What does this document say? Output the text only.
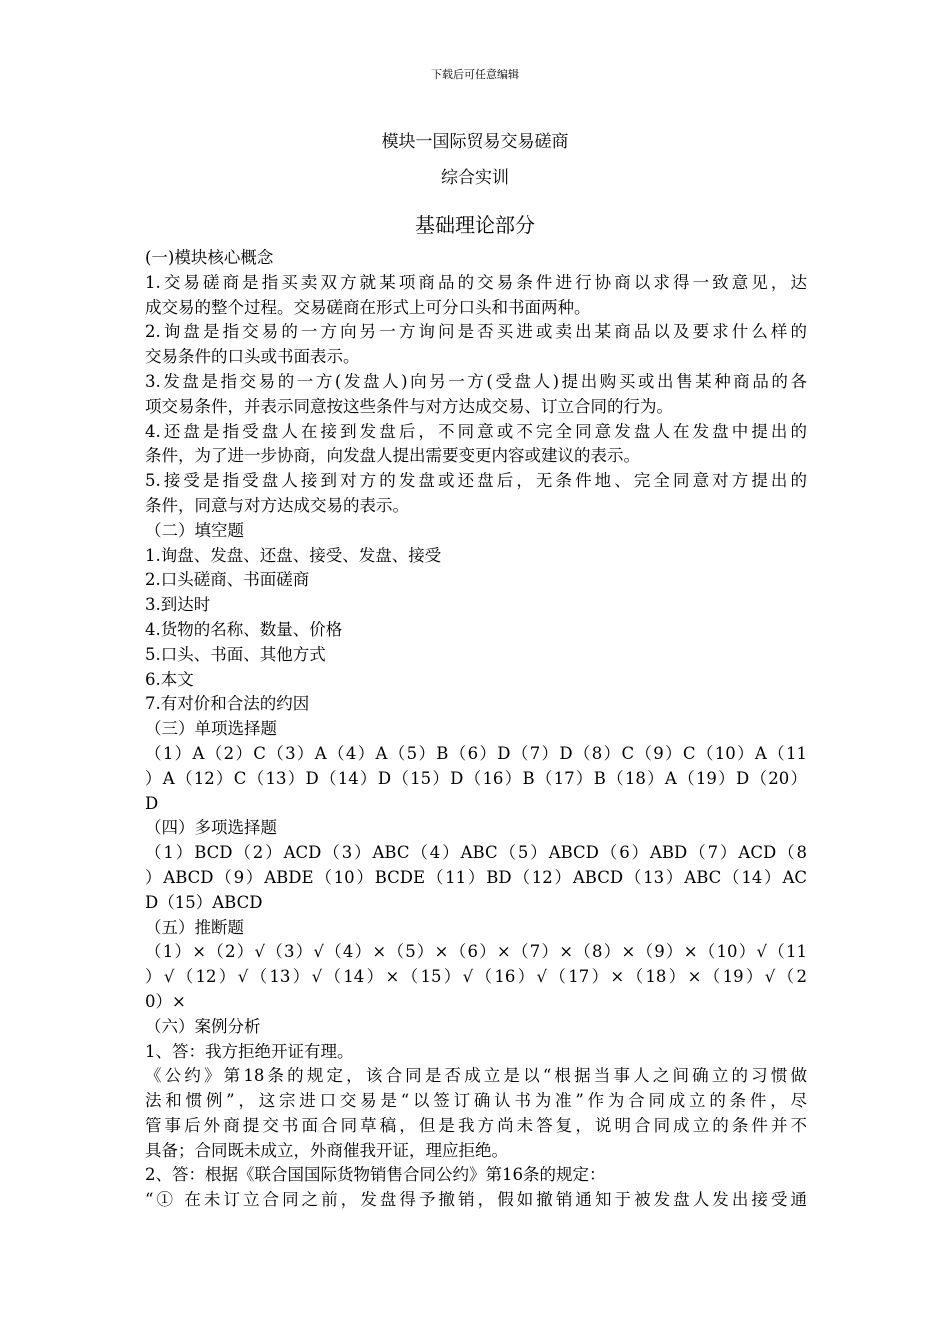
下载后可任意编辑
模块一国际贸易交易磋商
综合实训
基础理论部分
(一)模块核心概念
1.交易磋商是指买卖双方就某项商品的交易条件进行协商以求得一致意见，达
成交易的整个过程。交易磋商在形式上可分口头和书面两种。
2.询盘是指交易的一方向另一方询问是否买进或卖出某商品以及要求什么样的
交易条件的口头或书面表示。
3.发盘是指交易的一方(发盘人)向另一方(受盘人)提出购买或出售某种商品的各
项交易条件，并表示同意按这些条件与对方达成交易、订立合同的行为。
4.还盘是指受盘人在接到发盘后，不同意或不完全同意发盘人在发盘中提出的
条件，为了进一步协商，向发盘人提出需要变更内容或建议的表示。
5.接受是指受盘人接到对方的发盘或还盘后，无条件地、完全同意对方提出的
条件，同意与对方达成交易的表示。
（二）填空题
1.询盘、发盘、还盘、接受、发盘、接受
2.口头磋商、书面磋商
3.到达时
4.货物的名称、数量、价格
5.口头、书面、其他方式
6.本文
7.有对价和合法的约因
（三）单项选择题
（1）A（2）C（3）A（4）A（5）B（6）D（7）D（8）C（9）C（10）A（11
）A（12）C（13）D（14）D（15）D（16）B（17）B（18）A（19）D（20）
D
（四）多项选择题
（1）BCD（2）ACD（3）ABC（4）ABC（5）ABCD（6）ABD（7）ACD（8
）ABCD（9）ABDE（10）BCDE（11）BD（12）ABCD（13）ABC（14）AC
D（15）ABCD
（五）推断题
（1）×（2）√（3）√（4）×（5）×（6）×（7）×（8）×（9）×（10）√（11
）√（12）√（13）√（14）×（15）√（16）√（17）×（18）×（19）√（2
0）×
（六）案例分析
1、答：我方拒绝开证有理。
《公约》第18条的规定，该合同是否成立是以“根据当事人之间确立的习惯做
法和惯例”，这宗进口交易是“以签订确认书为准”作为合同成立的条件，尽
管事后外商提交书面合同草稿，但是我方尚未答复，说明合同成立的条件并不
具备；合同既未成立，外商催我开证，理应拒绝。
2、答：根据《联合国国际货物销售合同公约》第16条的规定：
“① 在未订立合同之前，发盘得予撤销，假如撤销通知于被发盘人发出接受通
